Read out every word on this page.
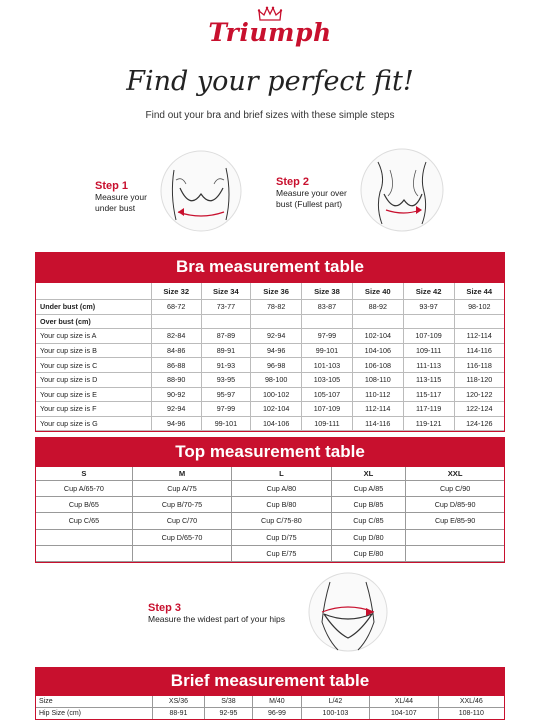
Triumph
Find your perfect fit!
Find out your bra and brief sizes with these simple steps
Step 1
Measure your
under bust
Step 2
Measure your over
bust (Fullest part)
Bra measurement table
	Size 32	Size 34	Size 36	Size 38	Size 40	Size 42	Size 44
Under bust (cm)	68-72	73-77	78-82	83-87	88-92	93-97	98-102
Over bust (cm)							
Your cup size is A	82-84	87-89	92-94	97-99	102-104	107-109	112-114
Your cup size is B	84-86	89-91	94-96	99-101	104-106	109-111	114-116
Your cup size is C	86-88	91-93	96-98	101-103	106-108	111-113	116-118
Your cup size is D	88-90	93-95	98-100	103-105	108-110	113-115	118-120
Your cup size is E	90-92	95-97	100-102	105-107	110-112	115-117	120-122
Your cup size is F	92-94	97-99	102-104	107-109	112-114	117-119	122-124
Your cup size is G	94-96	99-101	104-106	109-111	114-116	119-121	124-126
Top measurement table
S	M	L	XL	XXL
Cup A/65-70	Cup A/75	Cup A/80	Cup A/85	Cup C/90
Cup B/65	Cup B/70-75	Cup B/80	Cup B/85	Cup D/85-90
Cup C/65	Cup C/70	Cup C/75-80	Cup C/85	Cup E/85-90
	Cup D/65-70	Cup D/75	Cup D/80	
		Cup E/75	Cup E/80	
Step 3
Measure the widest part of your hips
Brief measurement table
Size	XS/36	S/38	M/40	L/42	XL/44	XXL/46
Hip Size (cm)	88-91	92-95	96-99	100-103	104-107	108-110
